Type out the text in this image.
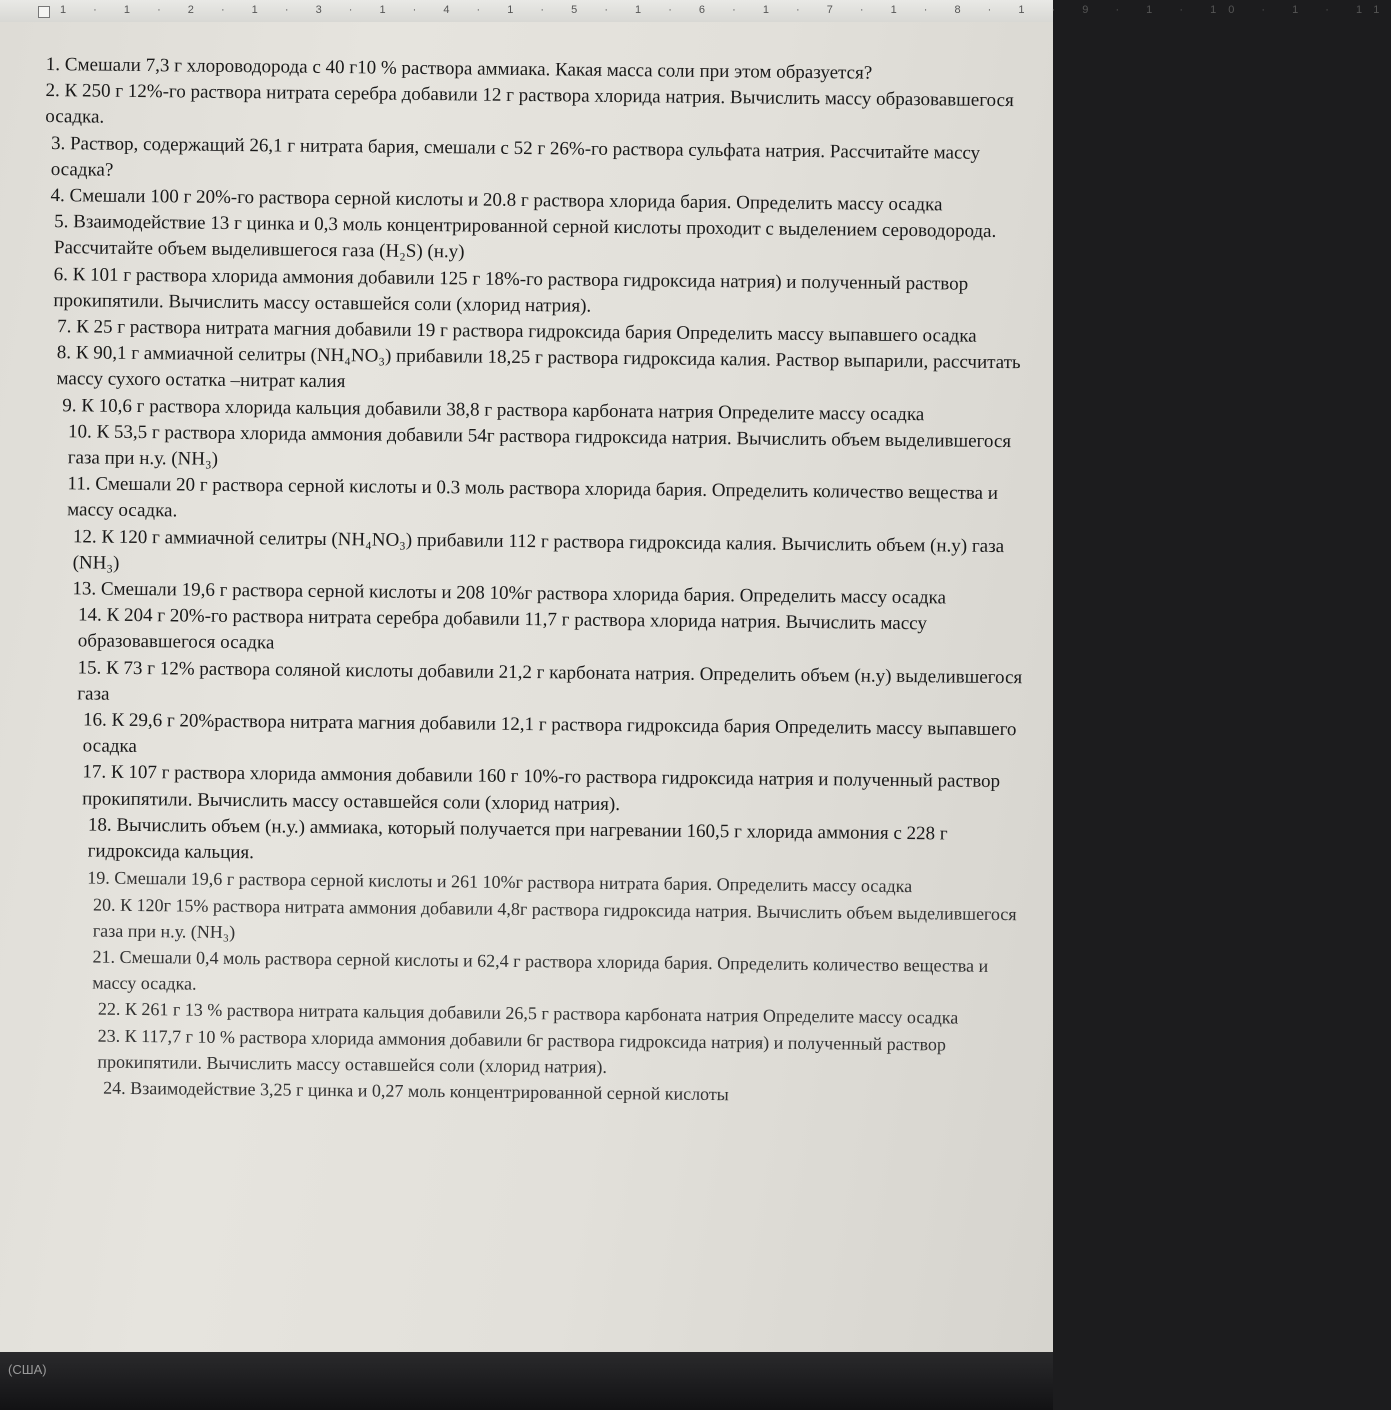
1 · 1 · 2 · 1 · 3 · 1 · 4 · 1 · 5 · 1 · 6 · 1 · 7 · 1 · 8 · 1 · 9 · 1 · 10 · 1 · 11

1. Смешали 7,3 г хлороводорода с 40 г10 % раствора аммиака. Какая масса соли при этом образуется?

2. К 250 г 12%-го раствора нитрата серебра добавили 12 г раствора хлорида натрия. Вычислить массу образовавшегося осадка.

3. Раствор, содержащий 26,1 г нитрата бария, смешали с 52 г 26%-го раствора сульфата натрия. Рассчитайте массу осадка?

4. Смешали 100 г 20%-го раствора серной кислоты и 20.8 г раствора хлорида бария. Определить массу осадка

5. Взаимодействие 13 г цинка и 0,3 моль концентрированной серной кислоты проходит с выделением сероводорода. Рассчитайте объем выделившегося газа (H₂S) (н.у)

6. К 101 г раствора хлорида аммония добавили 125 г 18%-го раствора гидроксида натрия) и полученный раствор прокипятили. Вычислить массу оставшейся соли (хлорид натрия).

7. К 25 г раствора нитрата магния добавили 19 г раствора гидроксида бария Определить массу выпавшего осадка

8. К 90,1 г аммиачной селитры (NH₄NO₃) прибавили 18,25 г раствора гидроксида калия. Раствор выпарили, рассчитать массу сухого остатка –нитрат калия

9. К 10,6 г раствора хлорида кальция добавили 38,8 г раствора карбоната натрия Определите массу осадка

10. К 53,5 г раствора хлорида аммония добавили 54г раствора гидроксида натрия. Вычислить объем выделившегося газа при н.у. (NH₃)

11. Смешали 20 г раствора серной кислоты и 0.3 моль раствора хлорида бария. Определить количество вещества и массу осадка.

12. К 120 г аммиачной селитры (NH₄NO₃) прибавили 112 г раствора гидроксида калия. Вычислить объем (н.у) газа (NH₃)

13. Смешали 19,6 г раствора серной кислоты и 208 10%г раствора хлорида бария. Определить массу осадка

14. К 204 г 20%-го раствора нитрата серебра добавили 11,7 г раствора хлорида натрия. Вычислить массу образовавшегося осадка

15. К 73 г 12% раствора соляной кислоты добавили 21,2 г карбоната натрия. Определить объем (н.у) выделившегося газа

16. К 29,6 г 20%раствора нитрата магния добавили 12,1 г раствора гидроксида бария Определить массу выпавшего осадка

17. К 107 г раствора хлорида аммония добавили 160 г 10%-го раствора гидроксида натрия и полученный раствор прокипятили. Вычислить массу оставшейся соли (хлорид натрия).

18. Вычислить объем (н.у.) аммиака, который получается при нагревании 160,5 г хлорида аммония с 228 г гидроксида кальция.

19. Смешали 19,6 г раствора серной кислоты и 261 10%г раствора нитрата бария. Определить массу осадка

20. К 120г 15% раствора нитрата аммония добавили 4,8г раствора гидроксида натрия. Вычислить объем выделившегося газа при н.у. (NH₃)

21. Смешали 0,4 моль раствора серной кислоты и 62,4 г раствора хлорида бария. Определить количество вещества и массу осадка.

22. К 261 г 13 % раствора нитрата кальция добавили 26,5 г раствора карбоната натрия Определите массу осадка

23. К 117,7 г 10 % раствора хлорида аммония добавили 6г раствора гидроксида натрия) и полученный раствор прокипятили. Вычислить массу оставшейся соли (хлорид натрия).

24. Взаимодействие 3,25 г цинка и 0,27 моль концентрированной серной кислоты

(США)
